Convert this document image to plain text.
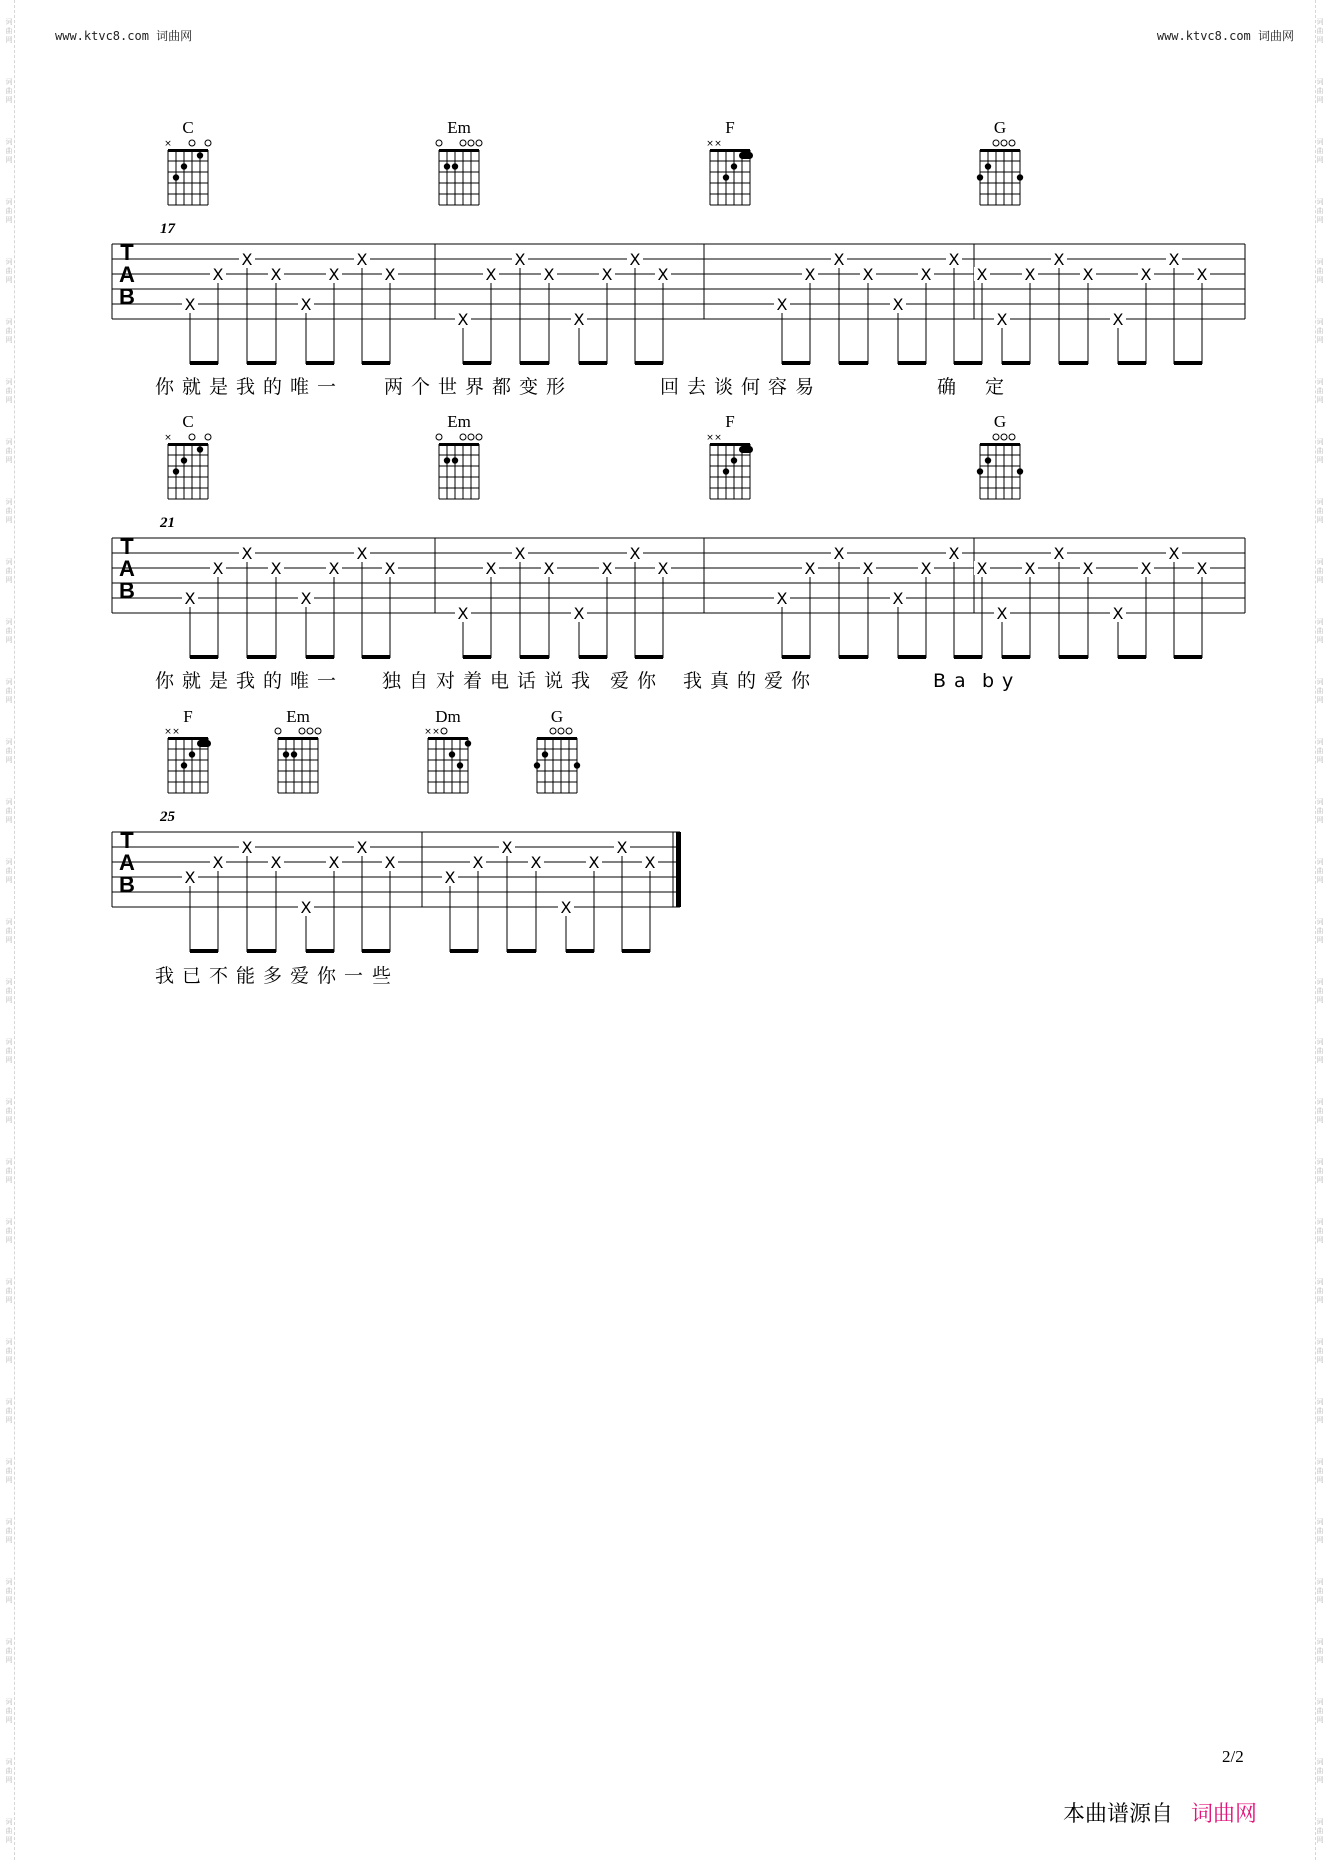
词
曲
网
词
曲
网
词
曲
网
词
曲
网
词
曲
网
词
曲
网
词
曲
网
词
曲
网
词
曲
网
词
曲
网
词
曲
网
词
曲
网
词
曲
网
词
曲
网
词
曲
网
词
曲
网
词
曲
网
词
曲
网
词
曲
网
词
曲
网
词
曲
网
词
曲
网
词
曲
网
词
曲
网
词
曲
网
词
曲
网
词
曲
网
词
曲
网
词
曲
网
词
曲
网
词
曲
网
词
曲
网
词
曲
网
词
曲
网
词
曲
网
词
曲
网
词
曲
网
词
曲
网
词
曲
网
词
曲
网
词
曲
网
词
曲
网
词
曲
网
词
曲
网
词
曲
网
词
曲
网
词
曲
网
词
曲
网
词
曲
网
词
曲
网
词
曲
网
词
曲
网
词
曲
网
词
曲
网
词
曲
网
词
曲
网
词
曲
网
词
曲
网
词
曲
网
词
曲
网
词
曲
网
词
曲
网
www.ktvc8.com 词曲网	www.ktvc8.com 词曲网
T
A
B
17
X
X
X
X
X
X
X
X
X
X
X
X
X
X
X
X
X
X
X
X
X
X
X
X
X
X
X
X
X
X
X
X
C
×
Em	F
× ×
G
你就是我的唯一 两个世界都变形	回去谈何容易	确 定
T
A
B
21
X
X
X
X
X
X
X
X
X
X
X
X
X
X
X
X
X
X
X
X
X
X
X
X
X
X
X
X
X
X
X
X
C
×
Em	F
× ×
G
你就是我的唯一 独自对着电话说我 爱你 我真的爱你	Ba by
T
A
B
25
X
X
X
X
X
X
X
X
X
X
X
X
X
X
X
X
F
× ×
Em	Dm
× ×
G
我已不能多爱你一 些
2/2
本曲谱源自 词曲网
